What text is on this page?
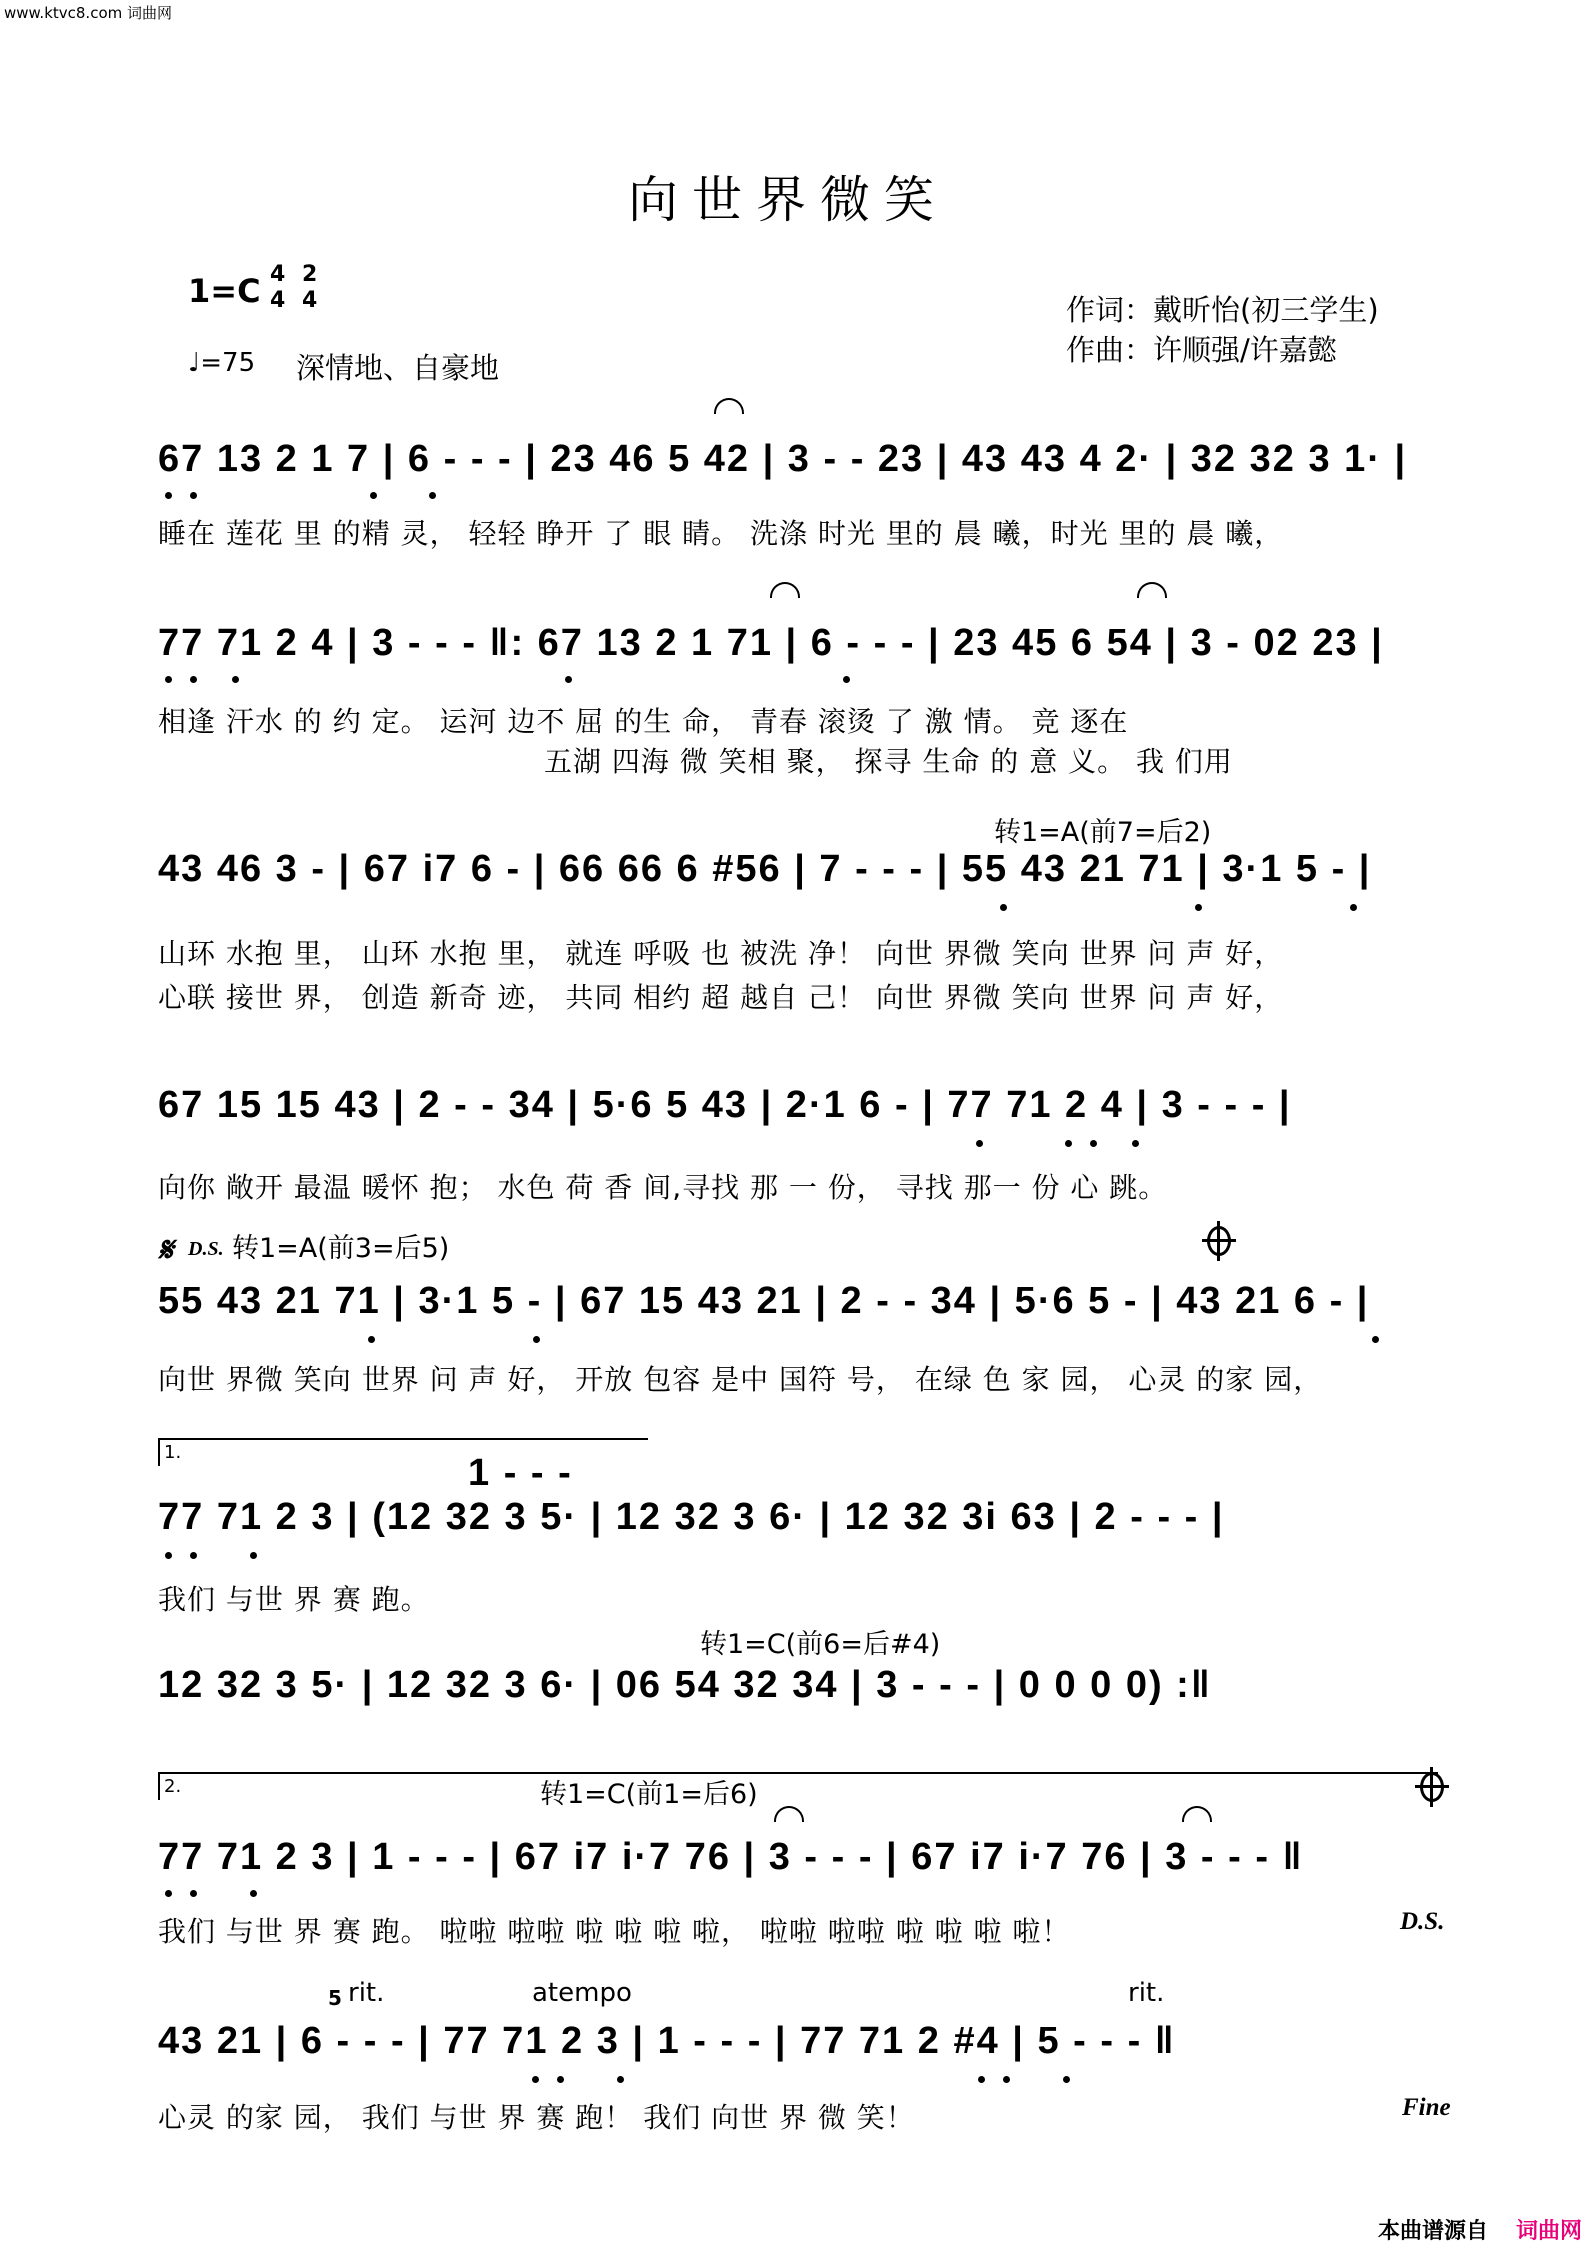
www.ktvc8.com 词曲网
向世界微笑
1=C 4
4
2
4
♩=75 深情地、自豪地
作词：戴昕怡(初三学生)
作曲：许顺强/许嘉懿
67 13 2 1 7 | 6 - - - | 23 46 5 42 | 3 - - 23 | 43 43 4 2· | 32 32 3 1· |
睡在 莲花 里 的精 灵， 轻轻 睁开 了 眼 睛。 洗涤 时光 里的 晨 曦，时光 里的 晨 曦，
77 71 2 4 | 3 - - - ‖: 67 13 2 1 71 | 6 - - - | 23 45 6 54 | 3 - 02 23 |
相逢 汗水 的 约 定。 运河 边不 屈 的生 命， 青春 滚烫 了 激 情。 竞 逐在
五湖 四海 微 笑相 聚， 探寻 生命 的 意 义。 我 们用
转1=A(前7=后2)
43 46 3 - | 67 i7 6 - | 66 66 6 #56 | 7 - - - | 55 43 21 71 | 3·1 5 - |
山环 水抱 里， 山环 水抱 里， 就连 呼吸 也 被洗 净！ 向世 界微 笑向 世界 问 声 好，
心联 接世 界， 创造 新奇 迹， 共同 相约 超 越自 己！ 向世 界微 笑向 世界 问 声 好，
67 15 15 43 | 2 - - 34 | 5·6 5 43 | 2·1 6 - | 77 71 2 4 | 3 - - - |
向你 敞开 最温 暖怀 抱； 水色 荷 香 间,寻找 那 一 份， 寻找 那一 份 心 跳。
𝄋 D.S. 转1=A(前3=后5)
55 43 21 71 | 3·1 5 - | 67 15 43 21 | 2 - - 34 | 5·6 5 - | 43 21 6 - |
向世 界微 笑向 世界 问 声 好， 开放 包容 是中 国符 号， 在绿 色 家 园， 心灵 的家 园，
1.	1 - - -
77 71 2 3 | (12 32 3 5· | 12 32 3 6· | 12 32 3i 63 | 2 - - - |
我们 与世 界 赛 跑。
转1=C(前6=后#4)
12 32 3 5· | 12 32 3 6· | 06 54 32 34 | 3 - - - | 0 0 0 0) :‖
2.	转1=C(前1=后6)
77 71 2 3 | 1 - - - | 67 i7 i·7 76 | 3 - - - | 67 i7 i·7 76 | 3 - - - ‖
我们 与世 界 赛 跑。 啦啦 啦啦 啦 啦 啦 啦， 啦啦 啦啦 啦 啦 啦 啦！	D.S.
rit.
5	atempo	rit.
43 21 | 6 - - - | 77 71 2 3 | 1 - - - | 77 71 2 #4 | 5 - - - ‖
心灵 的家 园， 我们 与世 界 赛 跑！ 我们 向世 界 微 笑！	Fine
本曲谱源自 词曲网
